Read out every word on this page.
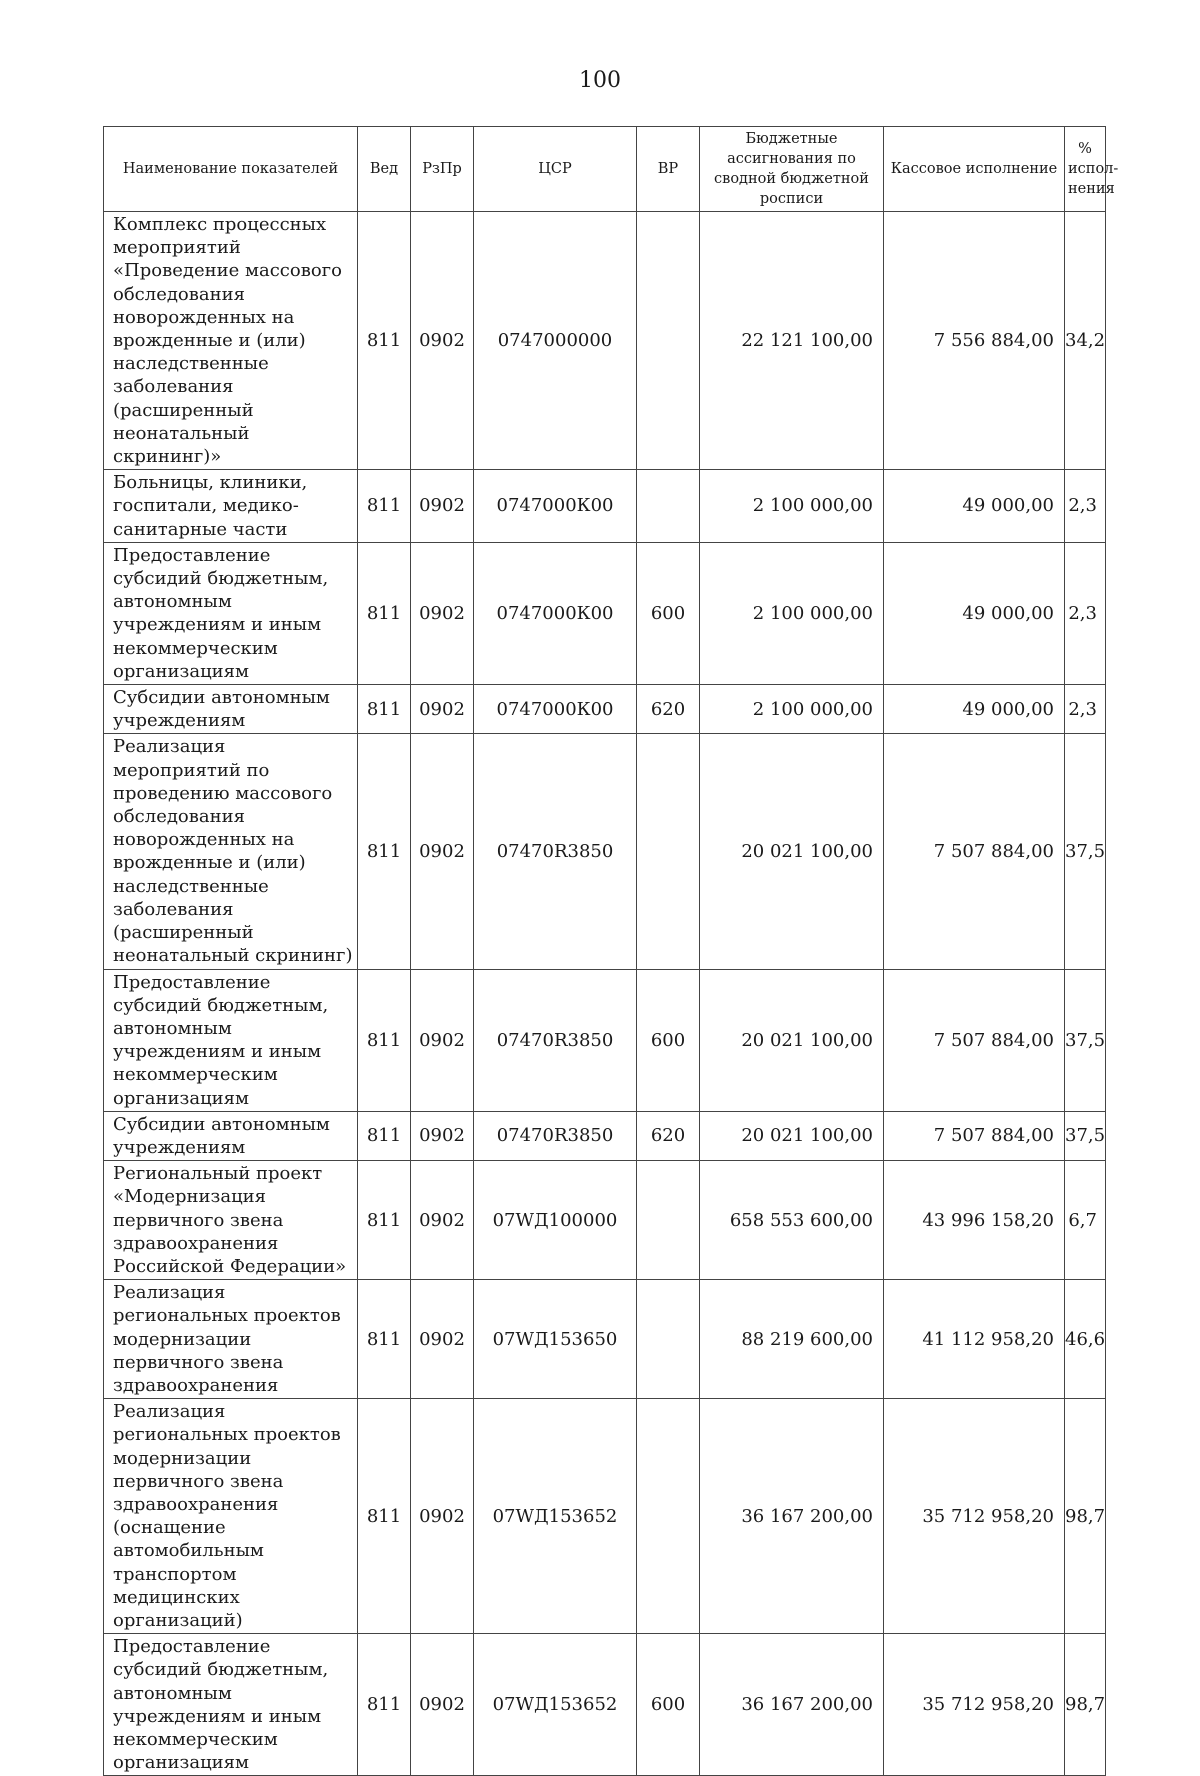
100
Наименование показателей	Вед	РзПр	ЦСР	ВР	Бюджетные ассигнования по сводной бюджетной росписи	Кассовое исполнение	% испол-нения
Комплекс процессных мероприятий «Проведение массового обследования новорожденных на врожденные и (или) наследственные заболевания (расширенный неонатальный скрининг)»	811	0902	0747000000		22 121 100,00	7 556 884,00	34,2
Больницы, клиники, госпитали, медико-санитарные части	811	0902	0747000К00		2 100 000,00	49 000,00	2,3
Предоставление субсидий бюджетным, автономным учреждениям и иным некоммерческим организациям	811	0902	0747000К00	600	2 100 000,00	49 000,00	2,3
Субсидии автономным учреждениям	811	0902	0747000К00	620	2 100 000,00	49 000,00	2,3
Реализация мероприятий по проведению массового обследования новорожденных на врожденные и (или) наследственные заболевания (расширенный неонатальный скрининг)	811	0902	07470R3850		20 021 100,00	7 507 884,00	37,5
Предоставление субсидий бюджетным, автономным учреждениям и иным некоммерческим организациям	811	0902	07470R3850	600	20 021 100,00	7 507 884,00	37,5
Субсидии автономным учреждениям	811	0902	07470R3850	620	20 021 100,00	7 507 884,00	37,5
Региональный проект «Модернизация первичного звена здравоохранения Российской Федерации»	811	0902	07WД100000		658 553 600,00	43 996 158,20	6,7
Реализация региональных проектов модернизации первичного звена здравоохранения	811	0902	07WД153650		88 219 600,00	41 112 958,20	46,6
Реализация региональных проектов модернизации первичного звена здравоохранения (оснащение автомобильным транспортом медицинских организаций)	811	0902	07WД153652		36 167 200,00	35 712 958,20	98,7
Предоставление субсидий бюджетным, автономным учреждениям и иным некоммерческим организациям	811	0902	07WД153652	600	36 167 200,00	35 712 958,20	98,7
